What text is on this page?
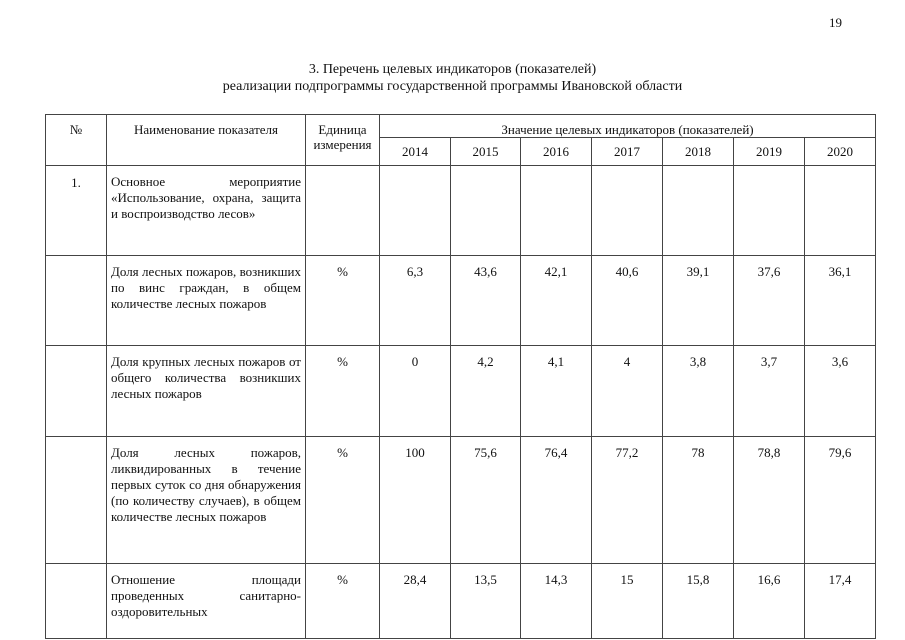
19
3. Перечень целевых индикаторов (показателей)
реализации подпрограммы государственной программы Ивановской области
№	Наименование показателя	Единица измерения	Значение целевых индикаторов (показателей)						
			2014	2015	2016	2017	2018	2019	2020
1.	Основное мероприятие «Использование, охрана, защита и воспроизводство лесов»								
	Доля лесных пожаров, возникших по винс граждан, в общем количестве лесных пожаров	%	6,3	43,6	42,1	40,6	39,1	37,6	36,1
	Доля крупных лесных пожаров от общего количества возникших лесных пожаров	%	0	4,2	4,1	4	3,8	3,7	3,6
	Доля лесных пожаров, ликвидированных в течение первых суток со дня обнаружения (по количеству случаев), в общем количестве лесных пожаров	%	100	75,6	76,4	77,2	78	78,8	79,6
	Отношение площади проведенных санитарно-оздоровительных	%	28,4	13,5	14,3	15	15,8	16,6	17,4
